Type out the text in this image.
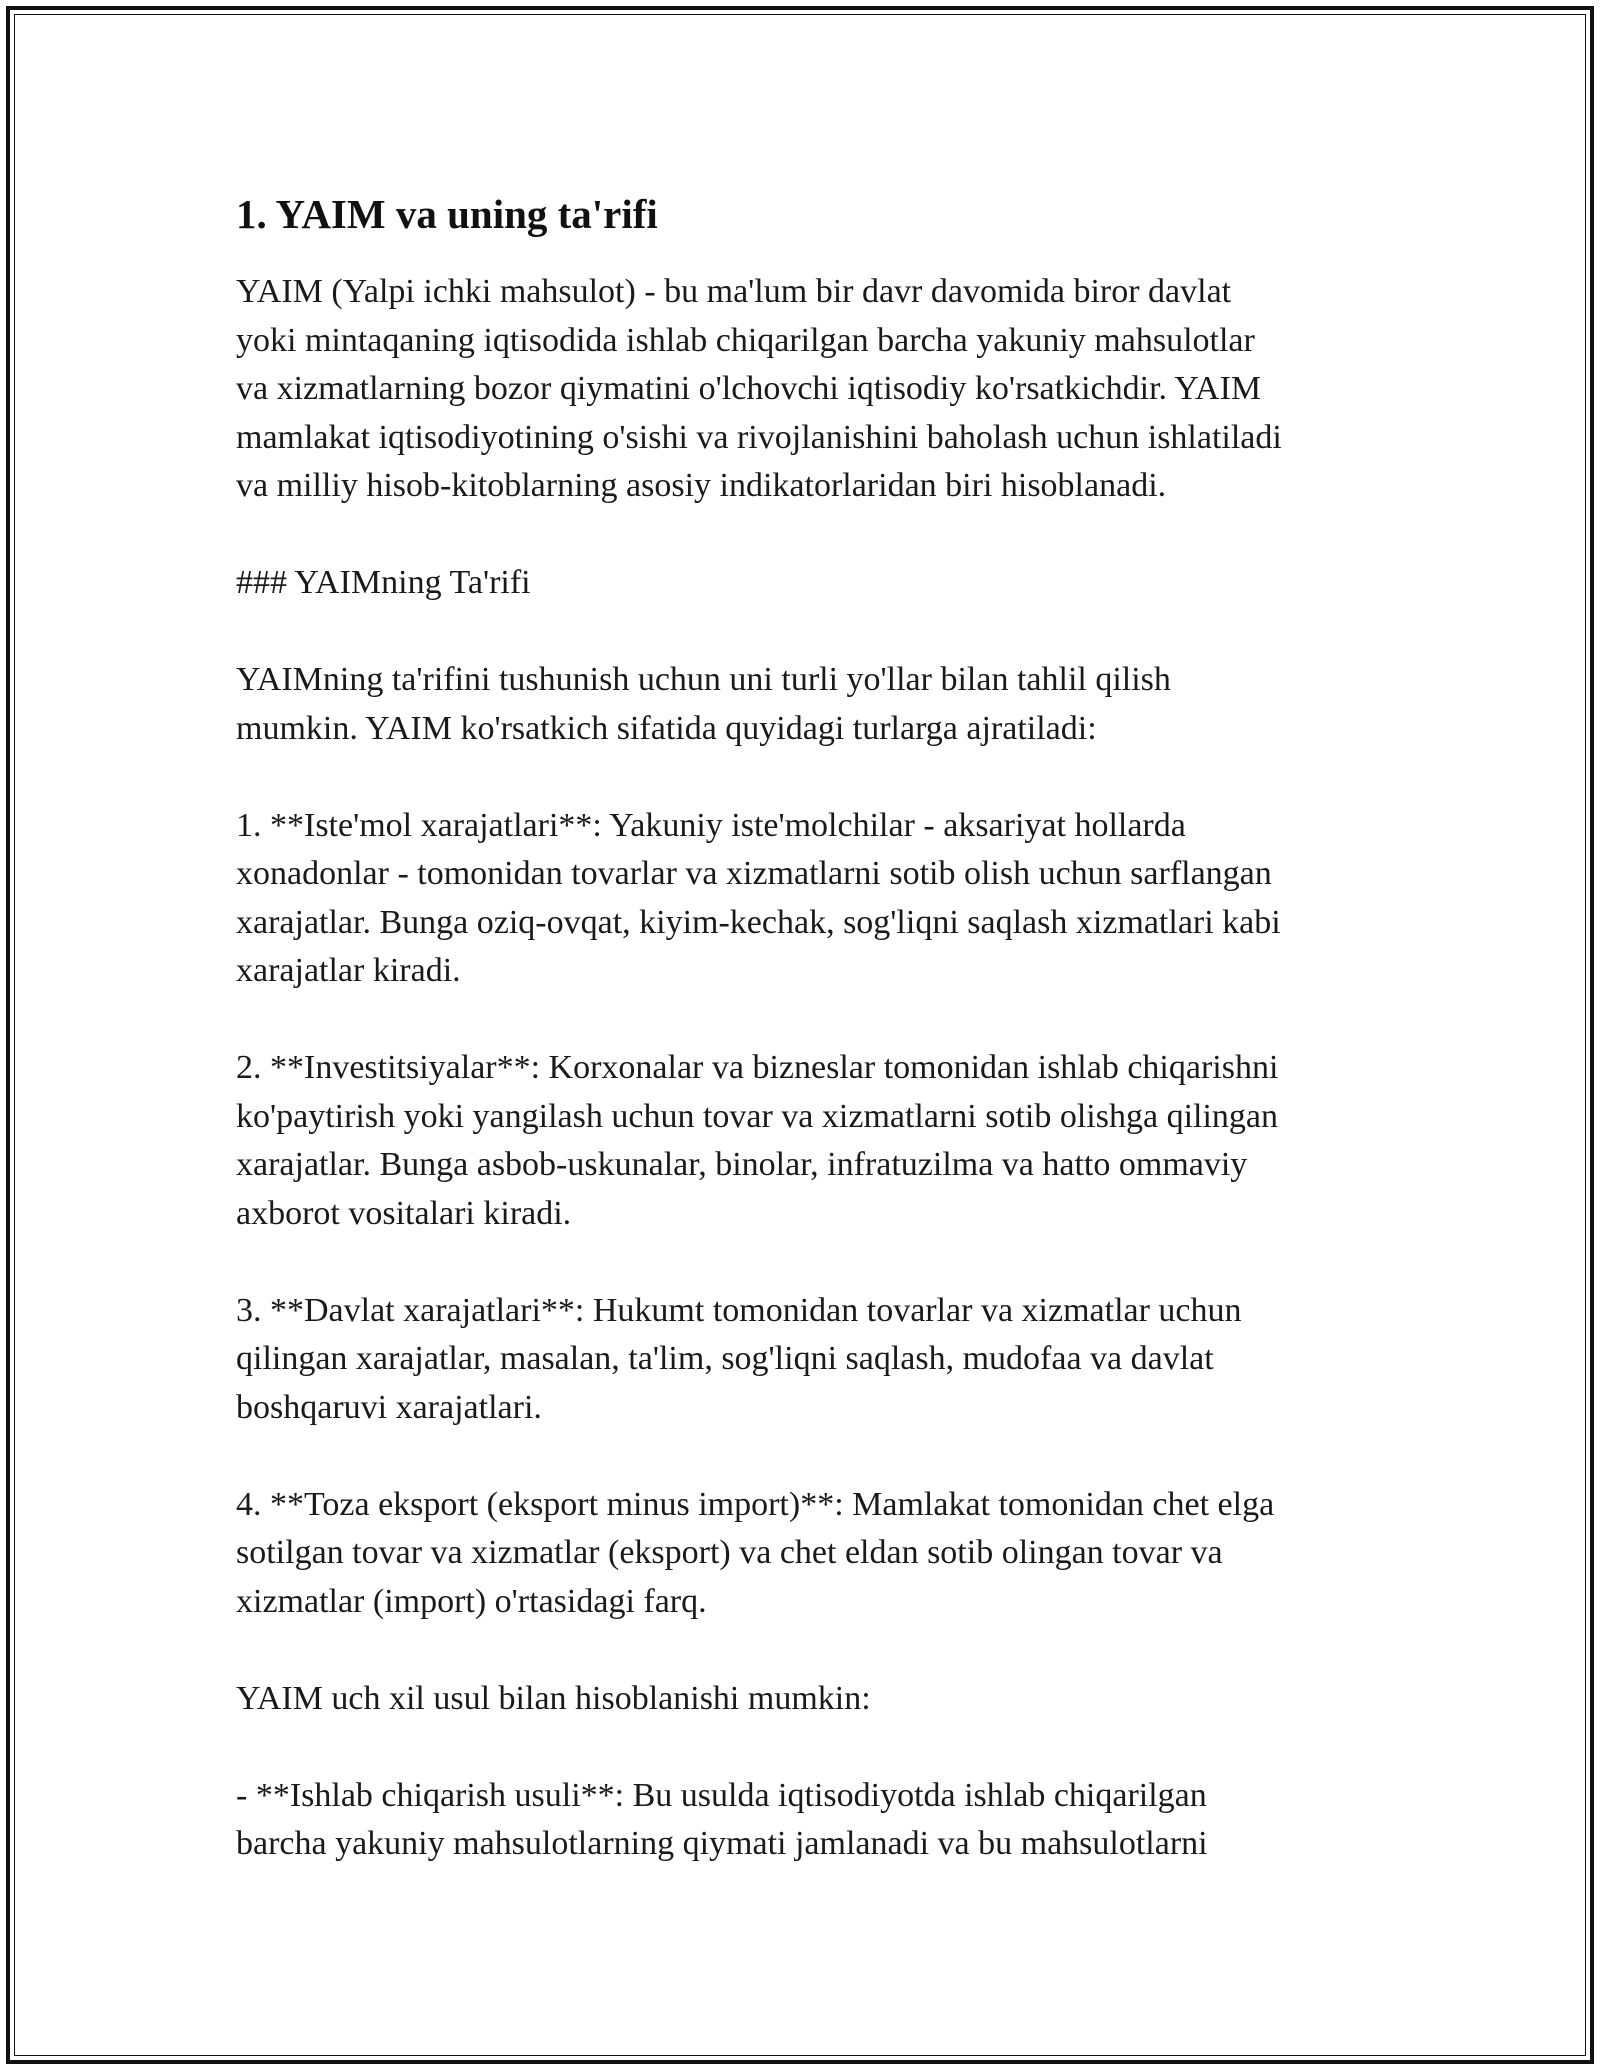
1. YAIM va uning ta'rifi

YAIM (Yalpi ichki mahsulot) - bu ma'lum bir davr davomida biror davlat
yoki mintaqaning iqtisodida ishlab chiqarilgan barcha yakuniy mahsulotlar
va xizmatlarning bozor qiymatini o'lchovchi iqtisodiy ko'rsatkichdir. YAIM
mamlakat iqtisodiyotining o'sishi va rivojlanishini baholash uchun ishlatiladi
va milliy hisob-kitoblarning asosiy indikatorlaridan biri hisoblanadi.

### YAIMning Ta'rifi

YAIMning ta'rifini tushunish uchun uni turli yo'llar bilan tahlil qilish
mumkin. YAIM ko'rsatkich sifatida quyidagi turlarga ajratiladi:

1. **Iste'mol xarajatlari**: Yakuniy iste'molchilar - aksariyat hollarda
xonadonlar - tomonidan tovarlar va xizmatlarni sotib olish uchun sarflangan
xarajatlar. Bunga oziq-ovqat, kiyim-kechak, sog'liqni saqlash xizmatlari kabi
xarajatlar kiradi.

2. **Investitsiyalar**: Korxonalar va bizneslar tomonidan ishlab chiqarishni
ko'paytirish yoki yangilash uchun tovar va xizmatlarni sotib olishga qilingan
xarajatlar. Bunga asbob-uskunalar, binolar, infratuzilma va hatto ommaviy
axborot vositalari kiradi.

3. **Davlat xarajatlari**: Hukumt tomonidan tovarlar va xizmatlar uchun
qilingan xarajatlar, masalan, ta'lim, sog'liqni saqlash, mudofaa va davlat
boshqaruvi xarajatlari.

4. **Toza eksport (eksport minus import)**: Mamlakat tomonidan chet elga
sotilgan tovar va xizmatlar (eksport) va chet eldan sotib olingan tovar va
xizmatlar (import) o'rtasidagi farq.

YAIM uch xil usul bilan hisoblanishi mumkin:

- **Ishlab chiqarish usuli**: Bu usulda iqtisodiyotda ishlab chiqarilgan
barcha yakuniy mahsulotlarning qiymati jamlanadi va bu mahsulotlarni
